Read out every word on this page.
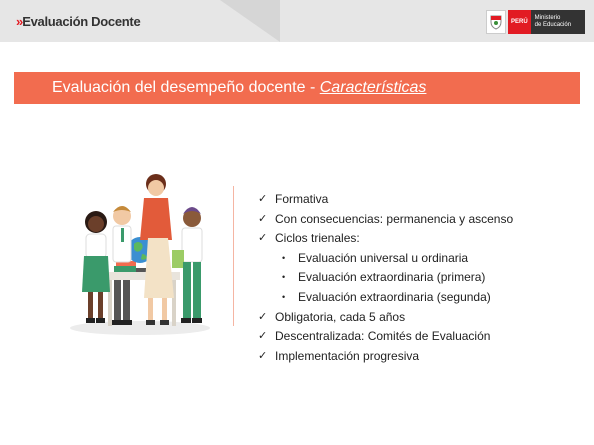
»Evaluación Docente	PERÚ
Ministerio
de Educación
Evaluación del desempeño docente - Características
✓ Formativa
✓ Con consecuencias: permanencia y ascenso
✓ Ciclos trienales:
•	Evaluación universal u ordinaria
•	Evaluación extraordinaria (primera)
•	Evaluación extraordinaria (segunda)
✓ Obligatoria, cada 5 años
✓ Descentralizada: Comités de Evaluación
✓ Implementación progresiva
